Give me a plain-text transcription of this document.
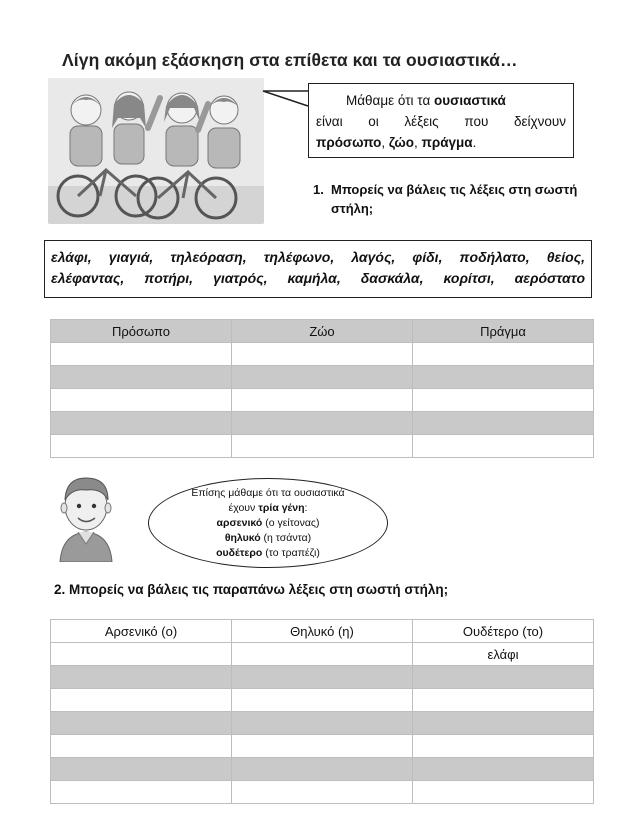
Λίγη ακόμη εξάσκηση στα επίθετα και τα ουσιαστικά…
Μάθαμε ότι τα ουσιαστικά
είναι οι λέξεις που δείχνουν
πρόσωπο, ζώο, πράγμα.
1. Μπορείς να βάλεις τις λέξεις στη σωστή στήλη;
ελάφι, γιαγιά, τηλεόραση, τηλέφωνο, λαγός, φίδι, ποδήλατο, θείος,
ελέφαντας, ποτήρι, γιατρός, καμήλα, δασκάλα, κορίτσι, αερόστατο
Πρόσωπο	Ζώο	Πράγμα

Επίσης μάθαμε ότι τα ουσιαστικά
έχουν τρία γένη:
αρσενικό (ο γείτονας)
θηλυκό (η τσάντα)
ουδέτερο (το τραπέζι)
2. Μπορείς να βάλεις τις παραπάνω λέξεις στη σωστή στήλη;
Αρσενικό (ο)	Θηλυκό (η)	Ουδέτερο (το)
		ελάφι
